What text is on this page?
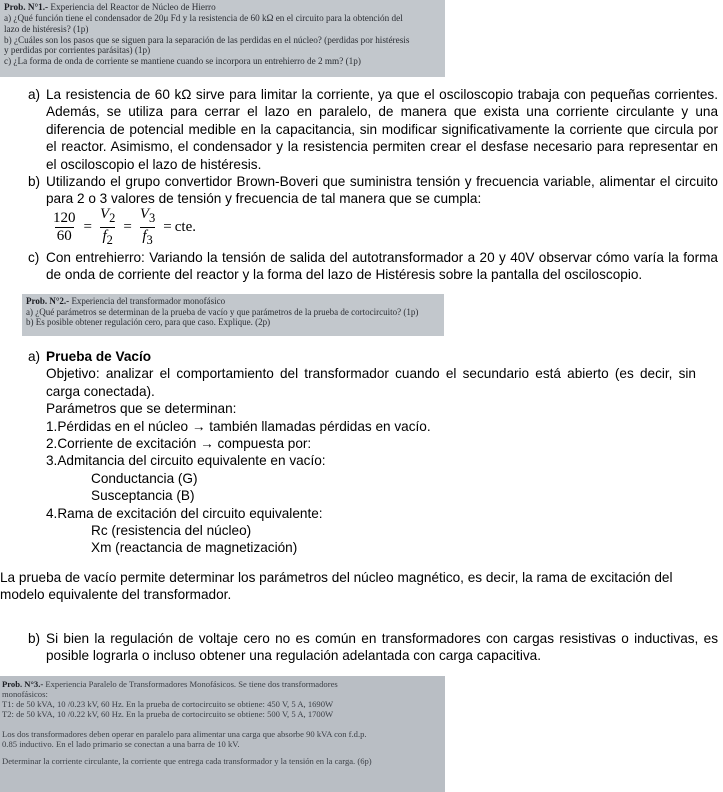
Prob. N°1.- Experiencia del Reactor de Núcleo de Hierro
a) ¿Qué función tiene el condensador de 20μ Fd y la resistencia de 60 kΩ en el circuito para la obtención del
lazo de histéresis? (1p)
b) ¿Cuáles son los pasos que se siguen para la separación de las perdidas en el núcleo? (perdidas por histéresis
y perdidas por corrientes parásitas) (1p)
c) ¿La forma de onda de corriente se mantiene cuando se incorpora un entrehierro de 2 mm? (1p)
a) La resistencia de 60 kΩ sirve para limitar la corriente, ya que el osciloscopio trabaja con pequeñas corrientes. Además, se utiliza para cerrar el lazo en paralelo, de manera que exista una corriente circulante y una diferencia de potencial medible en la capacitancia, sin modificar significativamente la corriente que circula por el reactor. Asimismo, el condensador y la resistencia permiten crear el desfase necesario para representar en el osciloscopio el lazo de histéresis.
b) Utilizando el grupo convertidor Brown-Boveri que suministra tensión y frecuencia variable, alimentar el circuito para 2 o 3 valores de tensión y frecuencia de tal manera que se cumpla:
$\frac{120}{60} = \frac{V_2}{f_2} = \frac{V_3}{f_3}$ = cte.
c) Con entrehierro: Variando la tensión de salida del autotransformador a 20 y 40V observar cómo varía la forma de onda de corriente del reactor y la forma del lazo de Histéresis sobre la pantalla del osciloscopio.
Prob. N°2.- Experiencia del transformador monofásico
a) ¿Qué parámetros se determinan de la prueba de vacío y que parámetros de la prueba de cortocircuito? (1p)
b) Es posible obtener regulación cero, para que caso. Explique. (2p)
a) Prueba de Vacío
Objetivo: analizar el comportamiento del transformador cuando el secundario está abierto (es decir, sin carga conectada).
Parámetros que se determinan:
1.Pérdidas en el núcleo → también llamadas pérdidas en vacío.
2.Corriente de excitación → compuesta por:
3.Admitancia del circuito equivalente en vacío:
Conductancia (G)
Susceptancia (B)
4.Rama de excitación del circuito equivalente:
Rc (resistencia del núcleo)
Xm (reactancia de magnetización)
La prueba de vacío permite determinar los parámetros del núcleo magnético, es decir, la rama de excitación del modelo equivalente del transformador.
b) Si bien la regulación de voltaje cero no es común en transformadores con cargas resistivas o inductivas, es posible lograrla o incluso obtener una regulación adelantada con carga capacitiva.
Prob. N°3.- Experiencia Paralelo de Transformadores Monofásicos. Se tiene dos transformadores
monofásicos:
T1: de 50 kVA, 10 /0.23 kV, 60 Hz. En la prueba de cortocircuito se obtiene: 450 V, 5 A, 1690W
T2: de 50 kVA, 10 /0.22 kV, 60 Hz. En la prueba de cortocircuito se obtiene: 500 V, 5 A, 1700W
Los dos transformadores deben operar en paralelo para alimentar una carga que absorbe 90 kVA con f.d.p.
0.85 inductivo. En el lado primario se conectan a una barra de 10 kV.
Determinar la corriente circulante, la corriente que entrega cada transformador y la tensión en la carga. (6p)
